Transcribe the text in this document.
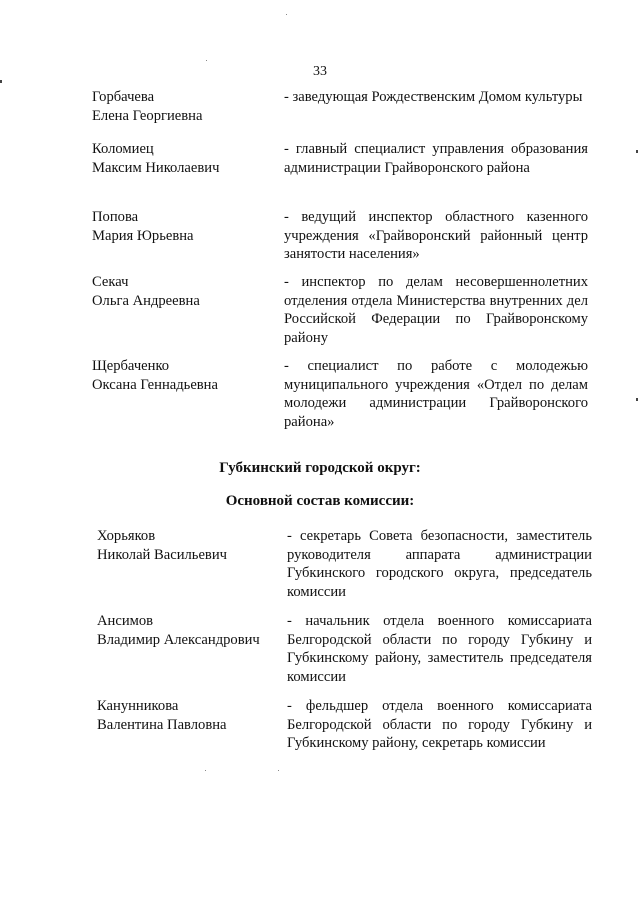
33
Горбачева
Елена Георгиевна
- заведующая Рождественским Домом культуры
Коломиец
Максим Николаевич
- главный специалист управления образования администрации Грайворонского района
Попова
Мария Юрьевна
- ведущий инспектор областного казенного учреждения «Грайворонский районный центр занятости населения»
Секач
Ольга Андреевна
- инспектор по делам несовершеннолетних отделения отдела Министерства внутренних дел Российской Федерации по Грайворонскому району
Щербаченко
Оксана Геннадьевна
- специалист по работе с молодежью муниципального учреждения «Отдел по делам молодежи администрации Грайворонского района»
Губкинский городской округ:
Основной состав комиссии:
Хорьяков
Николай Васильевич
- секретарь Совета безопасности, заместитель руководителя аппарата администрации Губкинского городского округа, председатель комиссии
Ансимов
Владимир Александрович
- начальник отдела военного комиссариата Белгородской области по городу Губкину и Губкинскому району, заместитель председателя комиссии
Канунникова
Валентина Павловна
- фельдшер отдела военного комиссариата Белгородской области по городу Губкину и Губкинскому району, секретарь комиссии
